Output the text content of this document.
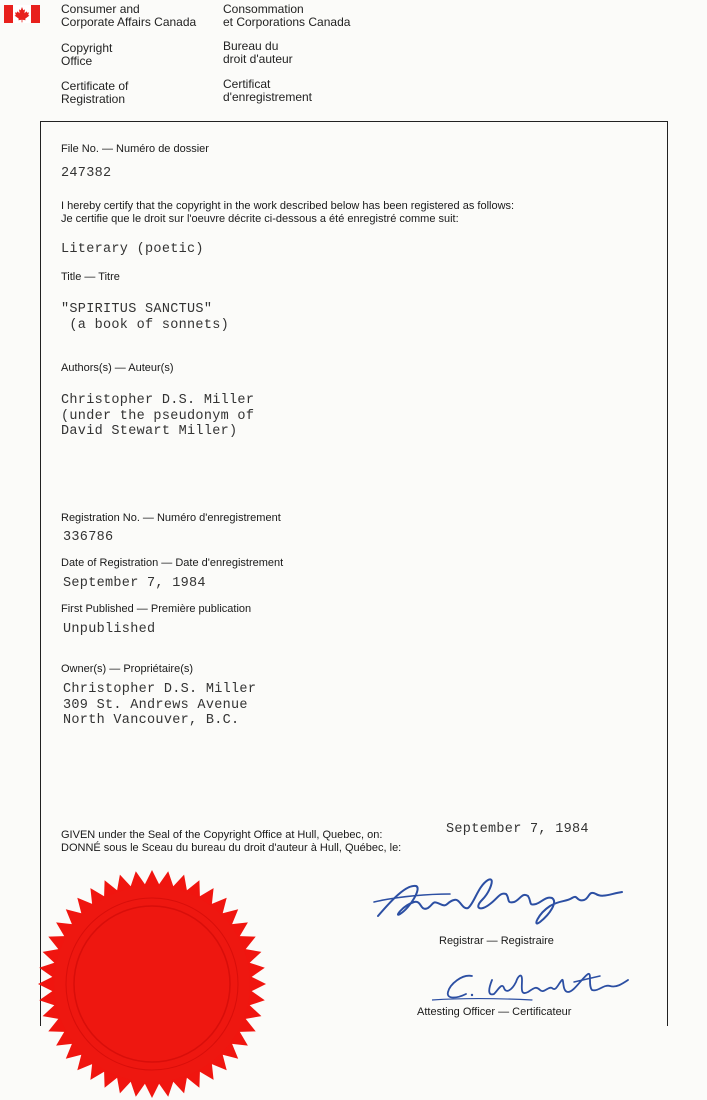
Consumer and
Corporate Affairs Canada
Consommation
et Corporations Canada
Copyright
Office
Bureau du
droit d'auteur
Certificate of
Registration
Certificat
d'enregistrement
File No. — Numéro de dossier
247382
I hereby certify that the copyright in the work described below has been registered as follows:
Je certifie que le droit sur l'oeuvre décrite ci-dessous a été enregistré comme suit:
Literary (poetic)
Title — Titre
"SPIRITUS SANCTUS"
(a book of sonnets)
Authors(s) — Auteur(s)
Christopher D.S. Miller
(under the pseudonym of
David Stewart Miller)
Registration No. — Numéro d'enregistrement
336786
Date of Registration — Date d'enregistrement
September 7, 1984
First Published — Première publication
Unpublished
Owner(s) — Propriétaire(s)
Christopher D.S. Miller
309 St. Andrews Avenue
North Vancouver, B.C.
GIVEN under the Seal of the Copyright Office at Hull, Quebec, on:
DONNÉ sous le Sceau du bureau du droit d'auteur à Hull, Québec, le:
September 7, 1984
Registrar — Registraire
Attesting Officer — Certificateur
